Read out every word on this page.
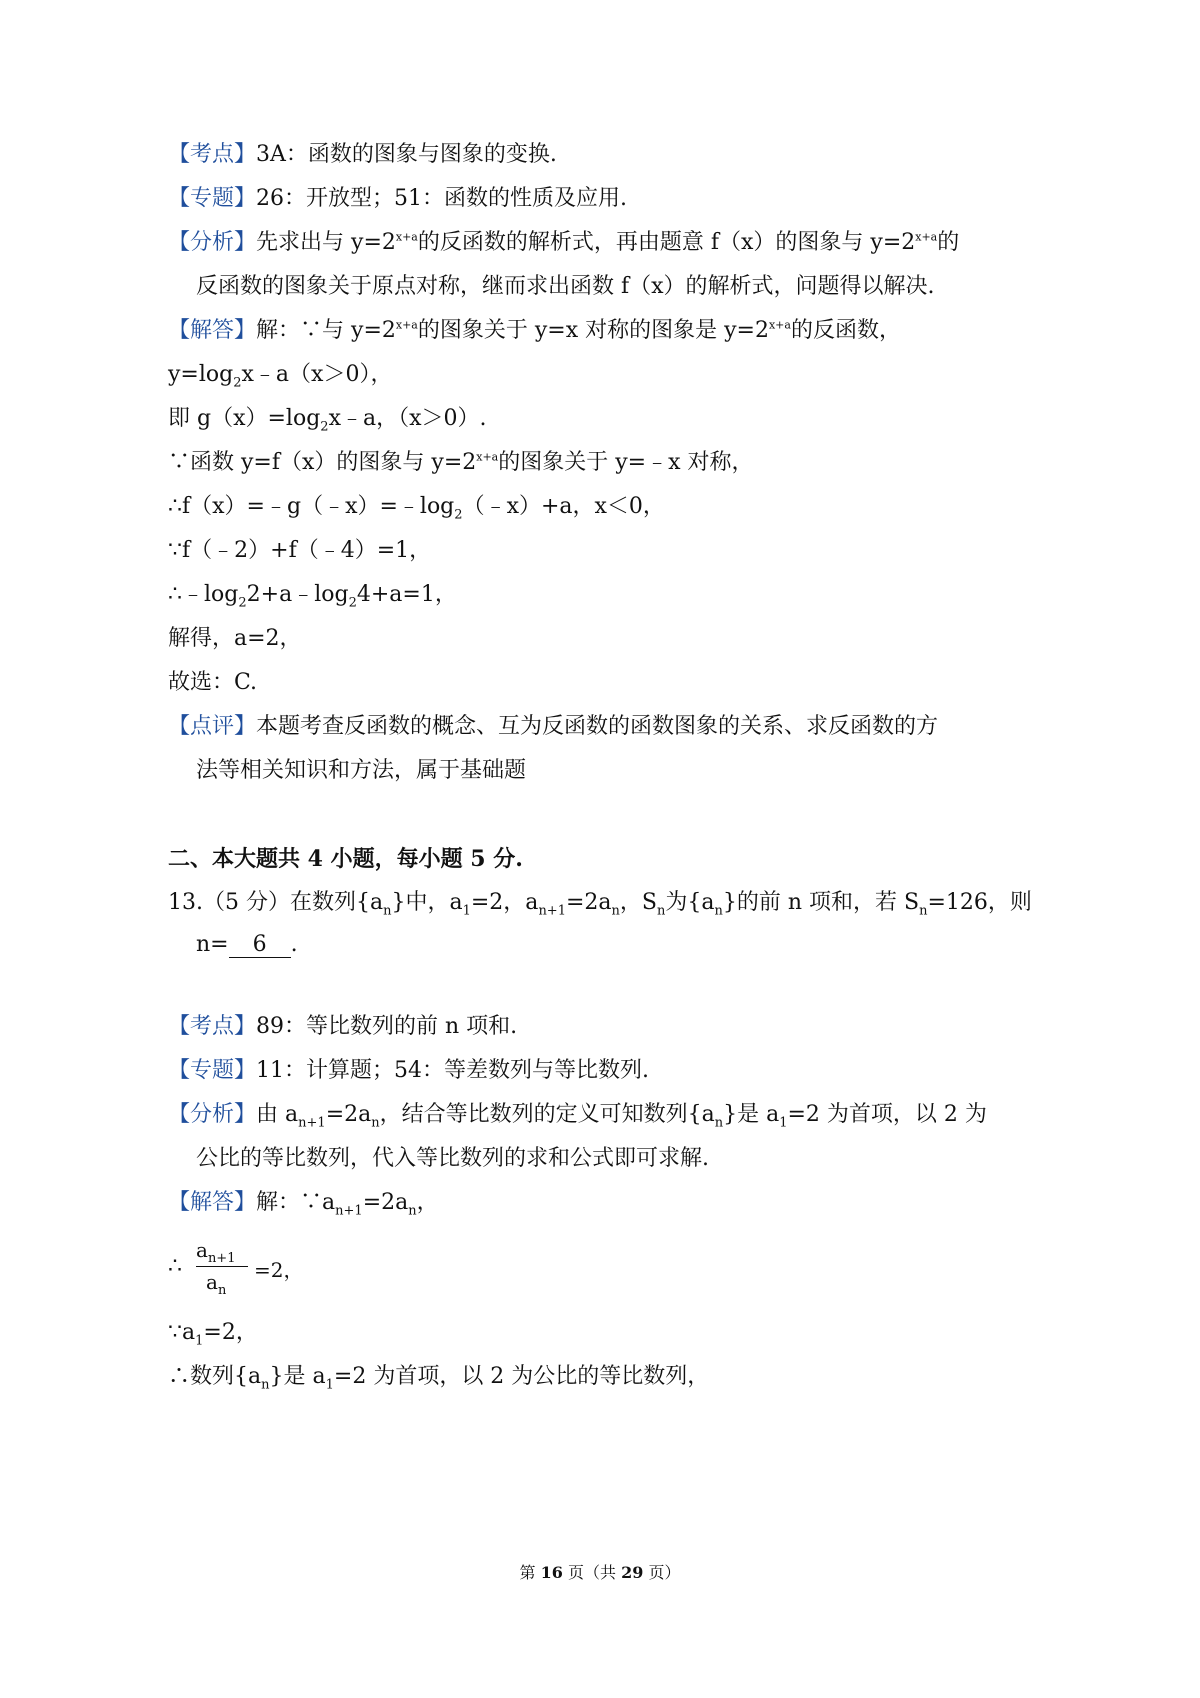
【考点】3A：函数的图象与图象的变换.
【专题】26：开放型；51：函数的性质及应用.
【分析】先求出与 $y=2^{x+a}$的反函数的解析式，再由题意 f（x）的图象与 $y=2^{x+a}$的
反函数的图象关于原点对称，继而求出函数 f（x）的解析式，问题得以解决.
【解答】解：∵与 $y=2^{x+a}$的图象关于 y=x 对称的图象是 $y=2^{x+a}$的反函数，
$y=\log_2x﹣a(x>0)$，
即 $g(x)=\log_2x﹣a$，（x＞0）.
∵函数 y=f（x）的图象与 $y=2^{x+a}$的图象关于 y=﹣x 对称，
$\therefore f(x)=﹣g(﹣x)=﹣\log_2(﹣x)+a$，x＜0，
∵f（﹣2）+f（﹣4）=1，
$\therefore﹣\log_22+a﹣\log_24+a=1$，
解得，a=2，
故选：C.
【点评】本题考查反函数的概念、互为反函数的函数图象的关系、求反函数的方
法等相关知识和方法，属于基础题
二、本大题共 4 小题，每小题 5 分.
13.（5 分）在数列$\{a_n\}$中，$a_1=2$，$a_{n+1}=2a_n$，$S_n$为$\{a_n\}$的前 n 项和，若 $S_n=126$，则
n= 6 .
【考点】89：等比数列的前 n 项和.
【专题】11：计算题；54：等差数列与等比数列.
【分析】由 $a_{n+1}=2a_n$，结合等比数列的定义可知数列$\{a_n\}$是 $a_1=2$ 为首项，以 2 为
公比的等比数列，代入等比数列的求和公式即可求解.
【解答】解：$\because a_{n+1}=2a_n$，
∴
$a_{n+1}$
$a_n$
=2，
$\because a_1=2$，
∴数列$\{a_n\}$是 $a_1=2$ 为首项，以 2 为公比的等比数列，
第 16 页（共 29 页）
